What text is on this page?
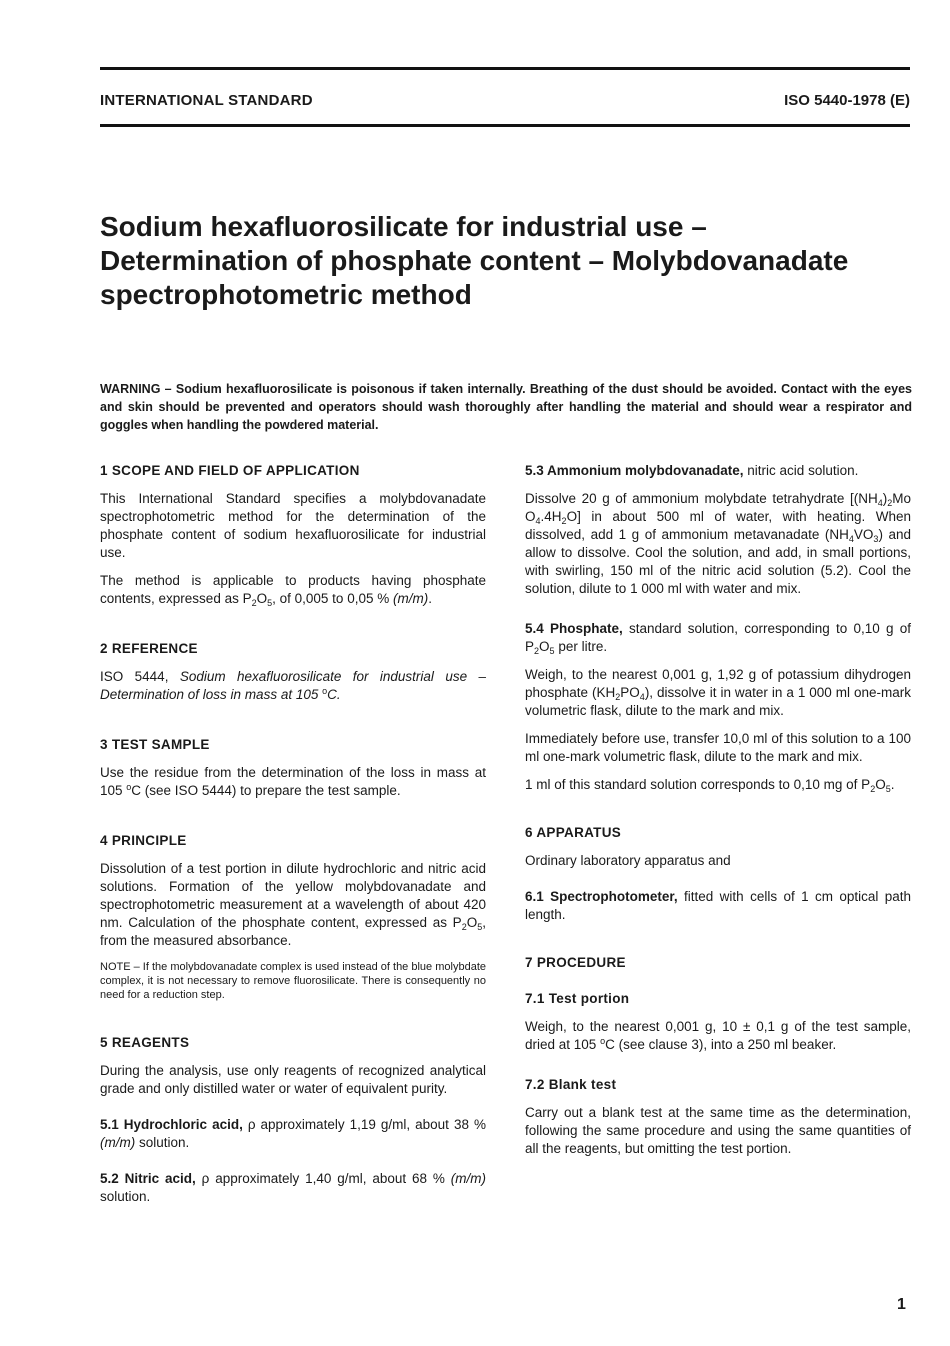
INTERNATIONAL STANDARD	ISO 5440-1978 (E)
Sodium hexafluorosilicate for industrial use –
Determination of phosphate content – Molybdovanadate
spectrophotometric method

WARNING – Sodium hexafluorosilicate is poisonous if taken internally. Breathing of the dust should be avoided. Contact with the eyes and skin should be prevented and operators should wash thoroughly after handling the material and should wear a respirator and goggles when handling the powdered material.

1 SCOPE AND FIELD OF APPLICATION

This International Standard specifies a molybdovanadate spectrophotometric method for the determination of the phosphate content of sodium hexafluorosilicate for industrial use.

The method is applicable to products having phosphate contents, expressed as $P_2O_5$, of 0,005 to 0,05 % (m/m).

2 REFERENCE

ISO 5444, Sodium hexafluorosilicate for industrial use – Determination of loss in mass at 105 $^o$C.

3 TEST SAMPLE

Use the residue from the determination of the loss in mass at 105 $^o$C (see ISO 5444) to prepare the test sample.

4 PRINCIPLE

Dissolution of a test portion in dilute hydrochloric and nitric acid solutions. Formation of the yellow molybdovanadate and spectrophotometric measurement at a wavelength of about 420 nm. Calculation of the phosphate content, expressed as $P_2O_5$, from the measured absorbance.

NOTE – If the molybdovanadate complex is used instead of the blue molybdate complex, it is not necessary to remove fluorosilicate. There is consequently no need for a reduction step.

5 REAGENTS

During the analysis, use only reagents of recognized analytical grade and only distilled water or water of equivalent purity.

5.1 Hydrochloric acid, ρ approximately 1,19 g/ml, about 38 % (m/m) solution.

5.2 Nitric acid, ρ approximately 1,40 g/ml, about 68 % (m/m) solution.

5.3 Ammonium molybdovanadate, nitric acid solution.

Dissolve 20 g of ammonium molybdate tetrahydrate [$(NH_4)_2Mo$ $O_4.4H_2O$] in about 500 ml of water, with heating. When dissolved, add 1 g of ammonium metavanadate $(NH_4VO_3)$ and allow to dissolve. Cool the solution, and add, in small portions, with swirling, 150 ml of the nitric acid solution (5.2). Cool the solution, dilute to 1 000 ml with water and mix.

5.4 Phosphate, standard solution, corresponding to 0,10 g of $P_2O_5$ per litre.

Weigh, to the nearest 0,001 g, 1,92 g of potassium dihydrogen phosphate $(KH_2PO_4)$, dissolve it in water in a 1 000 ml one-mark volumetric flask, dilute to the mark and mix.

Immediately before use, transfer 10,0 ml of this solution to a 100 ml one-mark volumetric flask, dilute to the mark and mix.

1 ml of this standard solution corresponds to 0,10 mg of $P_2O_5$.

6 APPARATUS

Ordinary laboratory apparatus and

6.1 Spectrophotometer, fitted with cells of 1 cm optical path length.

7 PROCEDURE
7.1 Test portion

Weigh, to the nearest 0,001 g, 10 ± 0,1 g of the test sample, dried at 105 $^o$C (see clause 3), into a 250 ml beaker.

7.2 Blank test

Carry out a blank test at the same time as the determination, following the same procedure and using the same quantities of all the reagents, but omitting the test portion.

1
